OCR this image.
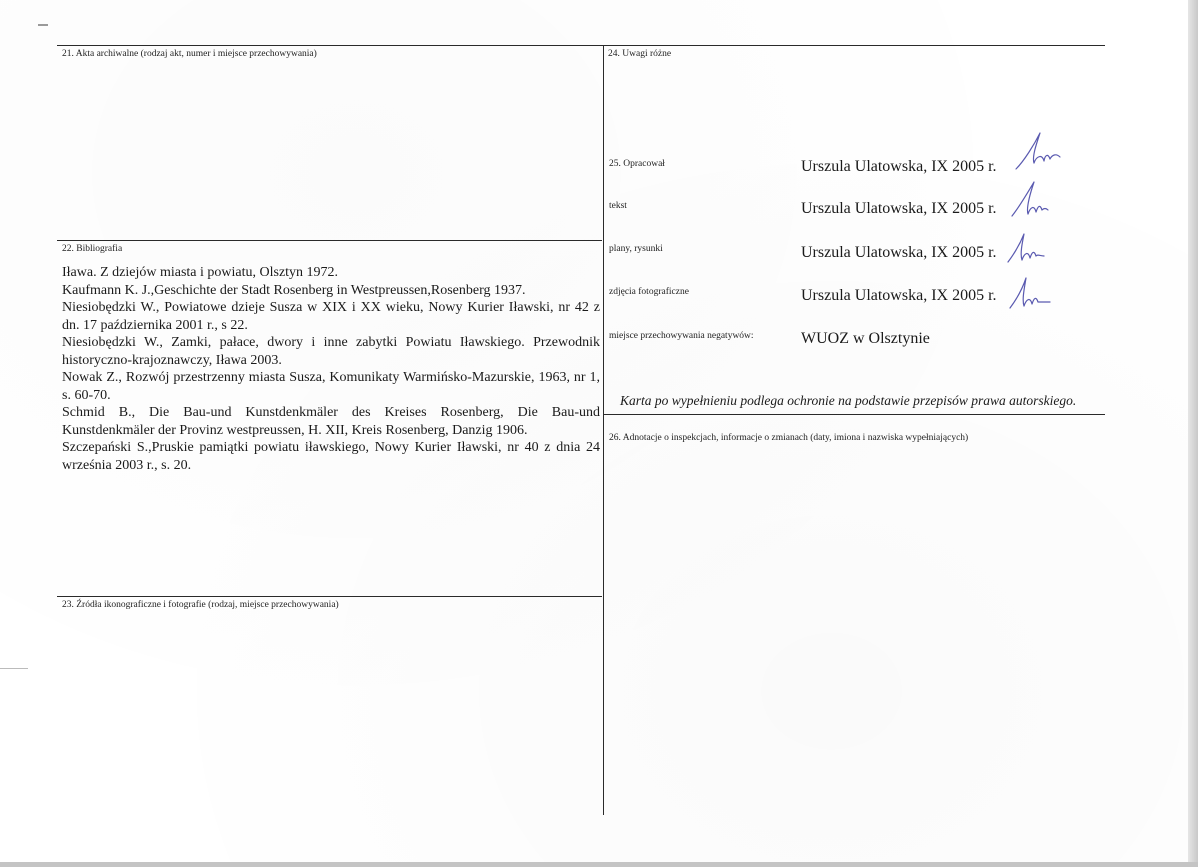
21. Akta archiwalne (rodzaj akt, numer i miejsce przechowywania)
22. Bibliografia
Iława. Z dziejów miasta i powiatu, Olsztyn 1972.
Kaufmann K. J.,Geschichte der Stadt Rosenberg in Westpreussen,Rosenberg 1937.
Niesiobędzki W., Powiatowe dzieje Susza w XIX i XX wieku, Nowy Kurier Iławski, nr 42 z dn. 17 października 2001 r., s 22.
Niesiobędzki W., Zamki, pałace, dwory i inne zabytki Powiatu Iławskiego. Przewodnik historyczno-krajoznawczy, Iława 2003.
Nowak Z., Rozwój przestrzenny miasta Susza, Komunikaty Warmińsko-Mazurskie, 1963, nr 1, s. 60-70.
Schmid B., Die Bau-und Kunstdenkmäler des Kreises Rosenberg, Die Bau-und Kunstdenkmäler der Provinz westpreussen, H. XII, Kreis Rosenberg, Danzig 1906.
Szczepański S.,Pruskie pamiątki powiatu iławskiego, Nowy Kurier Iławski, nr 40 z dnia 24 września 2003 r., s. 20.
23. Źródła ikonograficzne i fotografie (rodzaj, miejsce przechowywania)
24. Uwagi różne
25. Opracował	Urszula Ulatowska, IX 2005 r.
tekst	Urszula Ulatowska, IX 2005 r.
plany, rysunki	Urszula Ulatowska, IX 2005 r.
zdjęcia fotograficzne	Urszula Ulatowska, IX 2005 r.
miejsce przechowywania negatywów:	WUOZ w Olsztynie
Karta po wypełnieniu podlega ochronie na podstawie przepisów prawa autorskiego.
26. Adnotacje o inspekcjach, informacje o zmianach (daty, imiona i nazwiska wypełniających)
